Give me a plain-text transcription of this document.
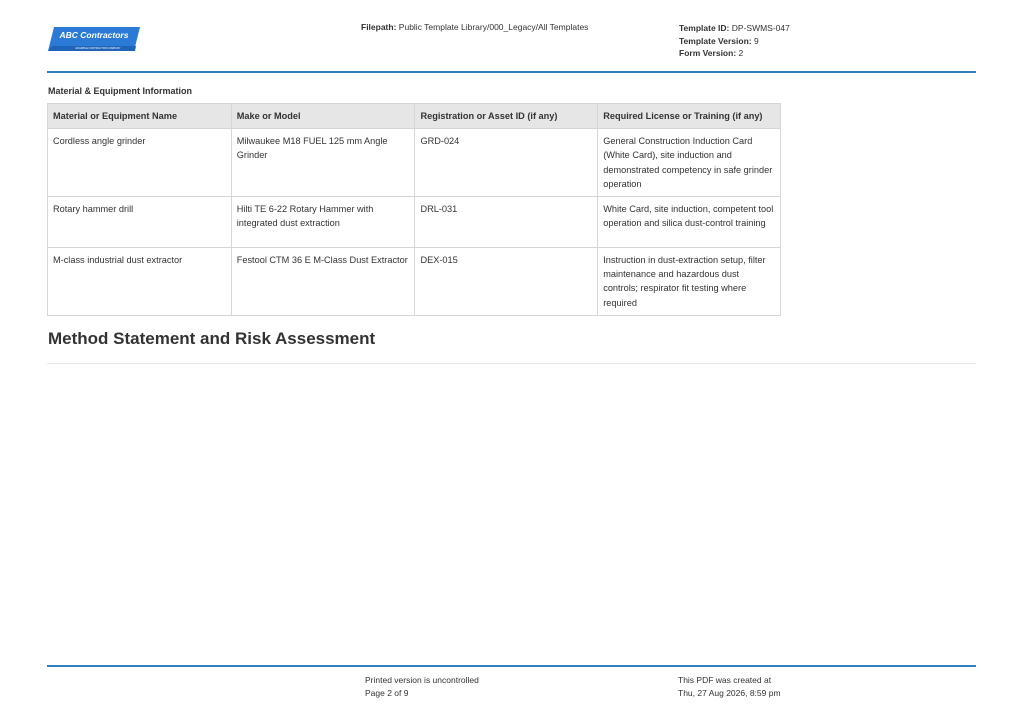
ABC Contractors
EXAMPLE CONTRACTOR COMPANY
Filepath: Public Template Library/000_Legacy/All Templates	Template ID: DP-SWMS-047
Template Version: 9
Form Version: 2
Material & Equipment Information
Material or Equipment Name	Make or Model	Registration or Asset ID (if any)	Required License or Training (if any)
Cordless angle grinder	Milwaukee M18 FUEL 125 mm Angle Grinder	GRD-024	General Construction Induction Card (White Card), site induction and demonstrated competency in safe grinder operation
Rotary hammer drill	Hilti TE 6-22 Rotary Hammer with integrated dust extraction	DRL-031	White Card, site induction, competent tool operation and silica dust-control training
M-class industrial dust extractor	Festool CTM 36 E M-Class Dust Extractor	DEX-015	Instruction in dust-extraction setup, filter maintenance and hazardous dust controls; respirator fit testing where required
Method Statement and Risk Assessment
Printed version is uncontrolled
Page 2 of 9
This PDF was created at
Thu, 27 Aug 2026, 8:59 pm
